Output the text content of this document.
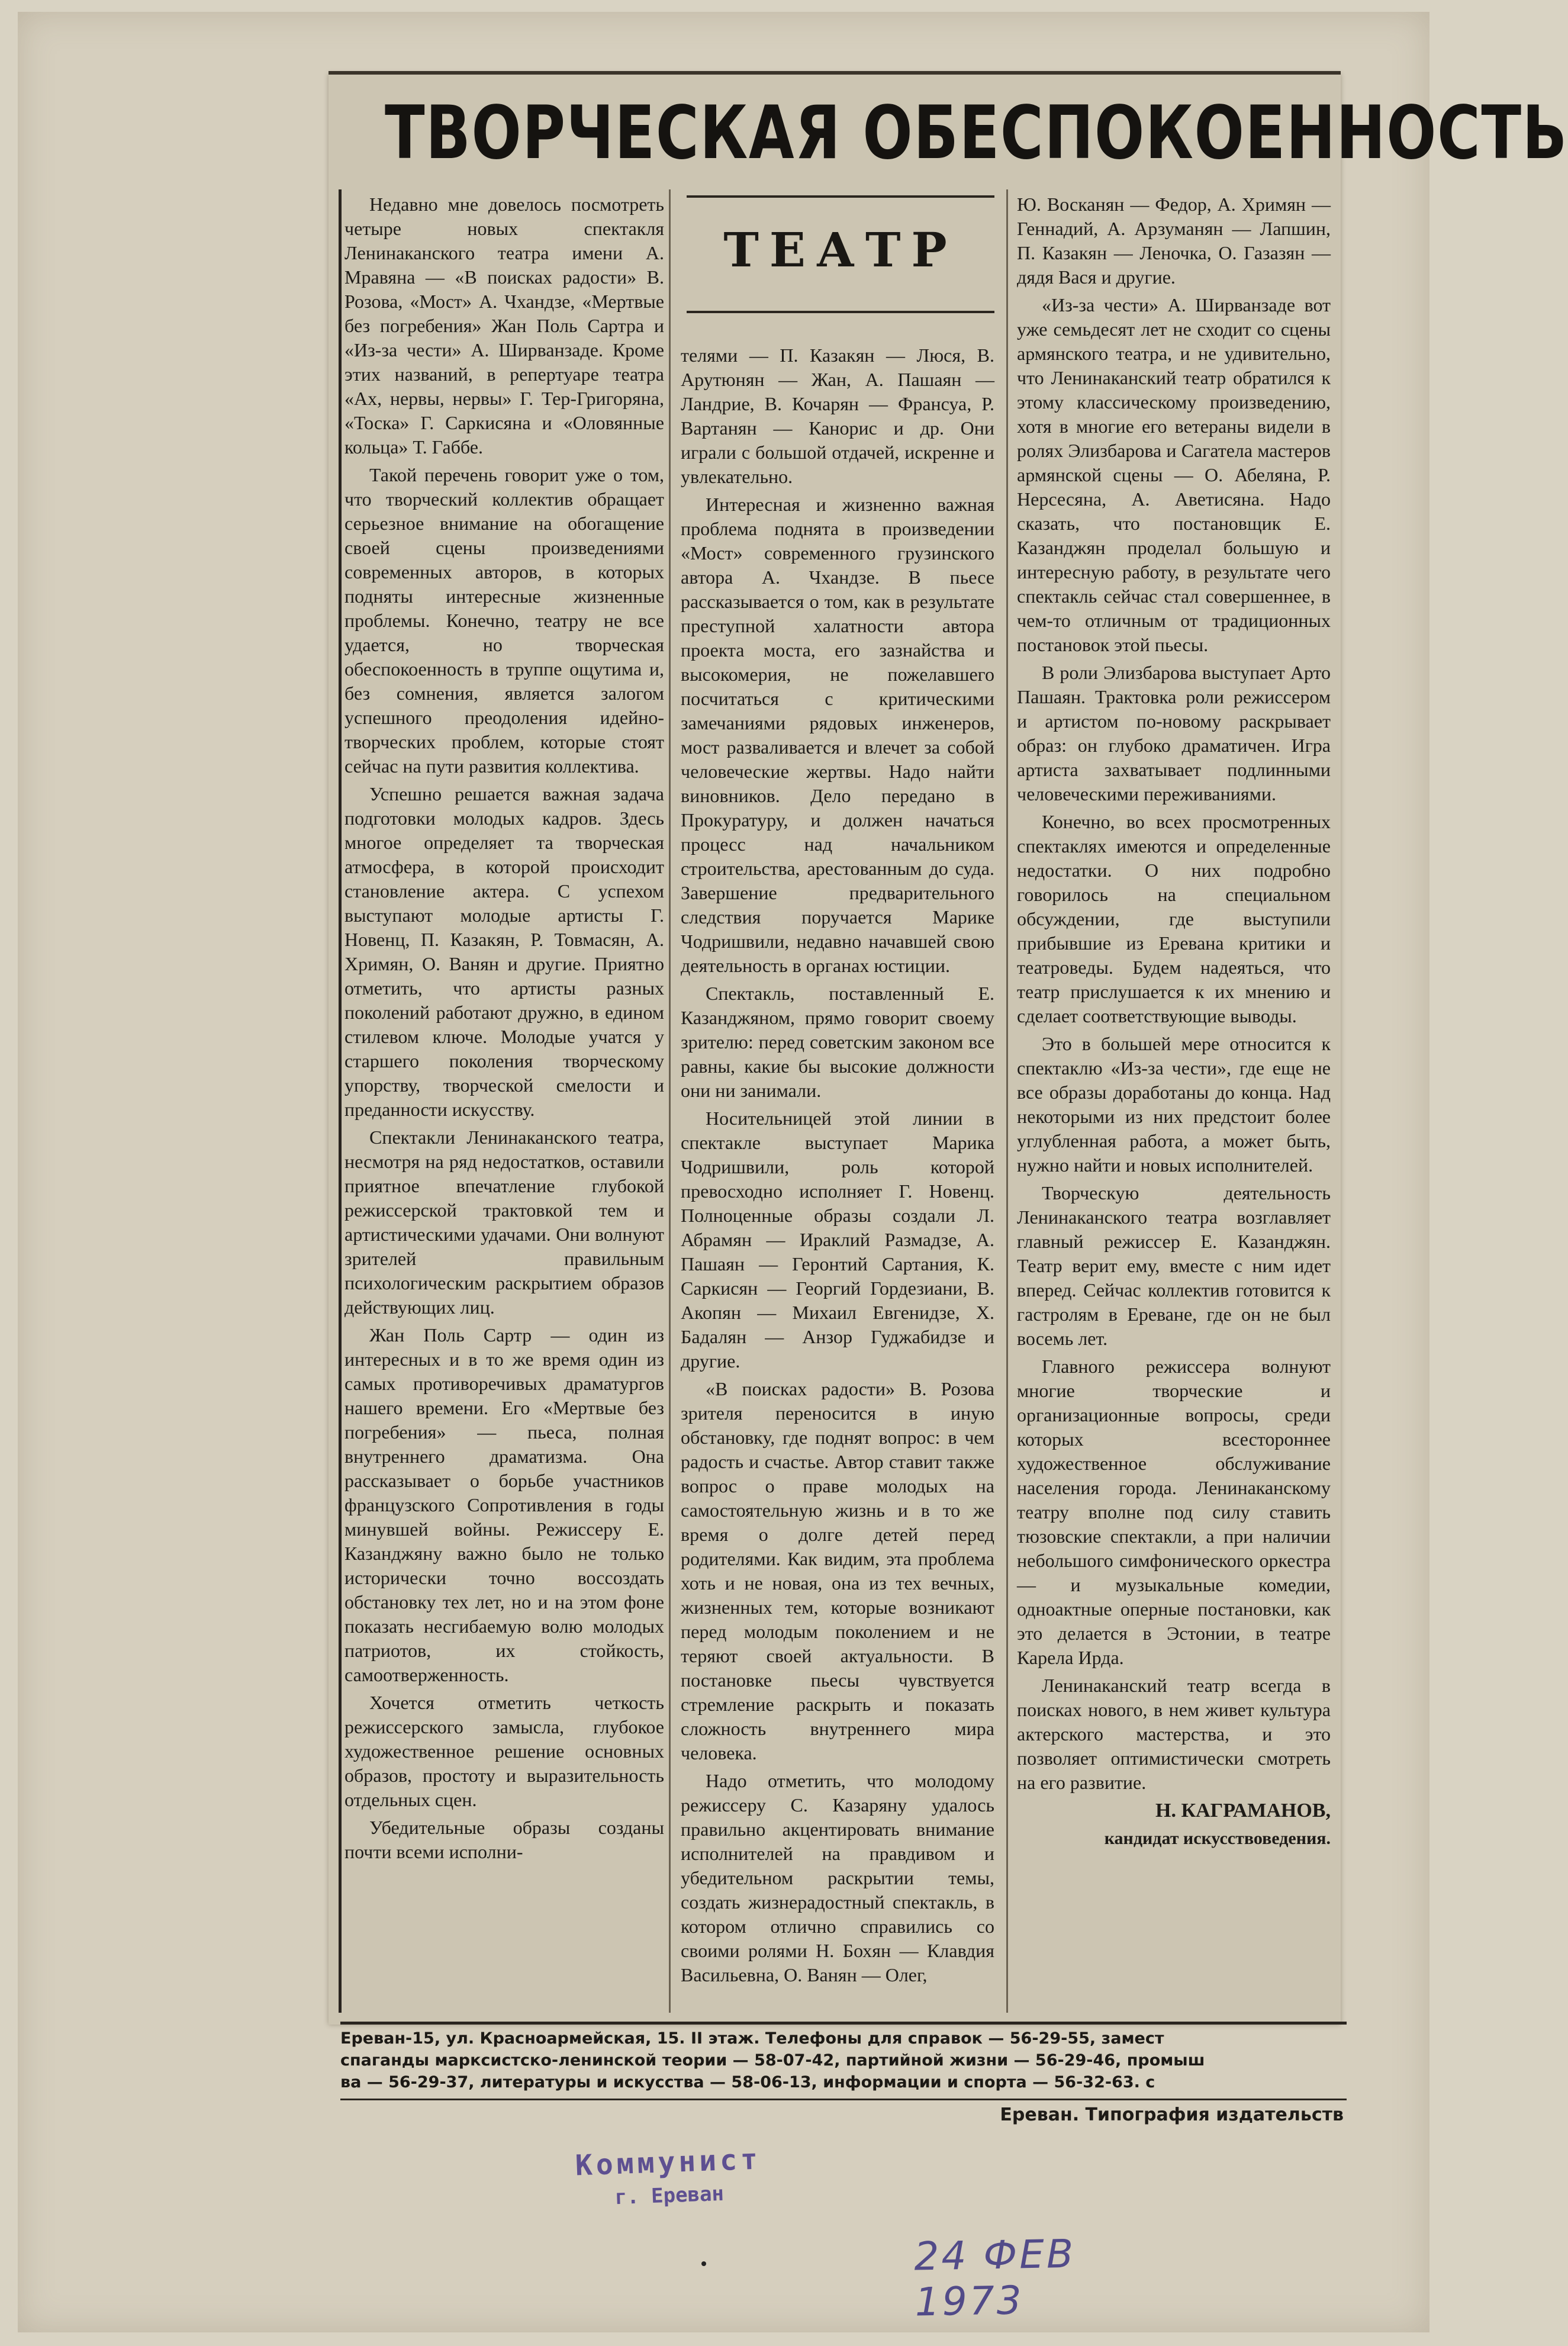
ТВОРЧЕСКАЯ ОБЕСПОКОЕННОСТЬ
ТЕАТР

Недавно мне довелось посмотреть четыре новых спектакля Ленинаканского театра имени А. Мравяна — «В поисках радости» В. Розова, «Мост» А. Чхандзе, «Мертвые без погребения» Жан Поль Сартра и «Из-за чести» А. Ширванзаде. Кроме этих названий, в репертуаре театра «Ах, нервы, нервы» Г. Тер-Григоряна, «Тоска» Г. Саркисяна и «Оловянные кольца» Т. Габбе.

Такой перечень говорит уже о том, что творческий коллектив обращает серьезное внимание на обогащение своей сцены произведениями современных авторов, в которых подняты интересные жизненные проблемы. Конечно, театру не все удается, но творческая обеспокоенность в труппе ощутима и, без сомнения, является залогом успешного преодоления идейно-творческих проблем, которые стоят сейчас на пути развития коллектива.

Успешно решается важная задача подготовки молодых кадров. Здесь многое определяет та творческая атмосфера, в которой происходит становление актера. С успехом выступают молодые артисты Г. Новенц, П. Казакян, Р. Товмасян, А. Хримян, О. Ванян и другие. Приятно отметить, что артисты разных поколений работают дружно, в едином стилевом ключе. Молодые учатся у старшего поколения творческому упорству, творческой смелости и преданности искусству.

Спектакли Ленинаканского театра, несмотря на ряд недостатков, оставили приятное впечатление глубокой режиссерской трактовкой тем и артистическими удачами. Они волнуют зрителей правильным психологическим раскрытием образов действующих лиц.

Жан Поль Сартр — один из интересных и в то же время один из самых противоречивых драматургов нашего времени. Его «Мертвые без погребения» — пьеса, полная внутреннего драматизма. Она рассказывает о борьбе участников французского Сопротивления в годы минувшей войны. Режиссеру Е. Казанджяну важно было не только исторически точно воссоздать обстановку тех лет, но и на этом фоне показать несгибаемую волю молодых патриотов, их стойкость, самоотверженность.

Хочется отметить четкость режиссерского замысла, глубокое художественное решение основных образов, простоту и выразительность отдельных сцен.

Убедительные образы созданы почти всеми исполни-

телями — П. Казакян — Люся, В. Арутюнян — Жан, А. Пашаян — Ландрие, В. Кочарян — Франсуа, Р. Вартанян — Канорис и др. Они играли с большой отдачей, искренне и увлекательно.

Интересная и жизненно важная проблема поднята в произведении «Мост» современного грузинского автора А. Чхандзе. В пьесе рассказывается о том, как в результате преступной халатности автора проекта моста, его зазнайства и высокомерия, не пожелавшего посчитаться с критическими замечаниями рядовых инженеров, мост разваливается и влечет за собой человеческие жертвы. Надо найти виновников. Дело передано в Прокуратуру, и должен начаться процесс над начальником строительства, арестованным до суда. Завершение предварительного следствия поручается Марике Чодришвили, недавно начавшей свою деятельность в органах юстиции.

Спектакль, поставленный Е. Казанджяном, прямо говорит своему зрителю: перед советским законом все равны, какие бы высокие должности они ни занимали.

Носительницей этой линии в спектакле выступает Марика Чодришвили, роль которой превосходно исполняет Г. Новенц. Полноценные образы создали Л. Абрамян — Ираклий Размадзе, А. Пашаян — Геронтий Сартания, К. Саркисян — Георгий Гордезиани, В. Акопян — Михаил Евгенидзе, Х. Бадалян — Анзор Гуджабидзе и другие.

«В поисках радости» В. Розова зрителя переносится в иную обстановку, где поднят вопрос: в чем радость и счастье. Автор ставит также вопрос о праве молодых на самостоятельную жизнь и в то же время о долге детей перед родителями. Как видим, эта проблема хоть и не новая, она из тех вечных, жизненных тем, которые возникают перед молодым поколением и не теряют своей актуальности. В постановке пьесы чувствуется стремление раскрыть и показать сложность внутреннего мира человека.

Надо отметить, что молодому режиссеру С. Казаряну удалось правильно акцентировать внимание исполнителей на правдивом и убедительном раскрытии темы, создать жизнерадостный спектакль, в котором отлично справились со своими ролями Н. Бохян — Клавдия Васильевна, О. Ванян — Олег,

Ю. Восканян — Федор, А. Хримян — Геннадий, А. Арзуманян — Лапшин, П. Казакян — Леночка, О. Газазян — дядя Вася и другие.

«Из-за чести» А. Ширванзаде вот уже семьдесят лет не сходит со сцены армянского театра, и не удивительно, что Ленинаканский театр обратился к этому классическому произведению, хотя в многие его ветераны видели в ролях Элизбарова и Сагатела мастеров армянской сцены — О. Абеляна, Р. Нерсесяна, А. Аветисяна. Надо сказать, что постановщик Е. Казанджян проделал большую и интересную работу, в результате чего спектакль сейчас стал совершеннее, в чем-то отличным от традиционных постановок этой пьесы.

В роли Элизбарова выступает Арто Пашаян. Трактовка роли режиссером и артистом по-новому раскрывает образ: он глубоко драматичен. Игра артиста захватывает подлинными человеческими переживаниями.

Конечно, во всех просмотренных спектаклях имеются и определенные недостатки. О них подробно говорилось на специальном обсуждении, где выступили прибывшие из Еревана критики и театроведы. Будем надеяться, что театр прислушается к их мнению и сделает соответствующие выводы.

Это в большей мере относится к спектаклю «Из-за чести», где еще не все образы доработаны до конца. Над некоторыми из них предстоит более углубленная работа, а может быть, нужно найти и новых исполнителей.

Творческую деятельность Ленинаканского театра возглавляет главный режиссер Е. Казанджян. Театр верит ему, вместе с ним идет вперед. Сейчас коллектив готовится к гастролям в Ереване, где он не был восемь лет.

Главного режиссера волнуют многие творческие и организационные вопросы, среди которых всестороннее художественное обслуживание населения города. Ленинаканскому театру вполне под силу ставить тюзовские спектакли, а при наличии небольшого симфонического оркестра — и музыкальные комедии, одноактные оперные постановки, как это делается в Эстонии, в театре Карела Ирда.

Ленинаканский театр всегда в поисках нового, в нем живет культура актерского мастерства, и это позволяет оптимистически смотреть на его развитие.

Н. КАГРАМАНОВ,

кандидат искусствоведения.

Ереван-15, ул. Красноармейская, 15. II этаж. Телефоны для справок — 56-29-55, замест
спаганды марксистско-ленинской теории — 58-07-42, партийной жизни — 56-29-46, промыш
ва — 56-29-37, литературы и искусства — 58-06-13, информации и спорта — 56-32-63. с
Ереван. Типография издательств
Коммунист
г. Ереван
24 ФЕВ 1973
